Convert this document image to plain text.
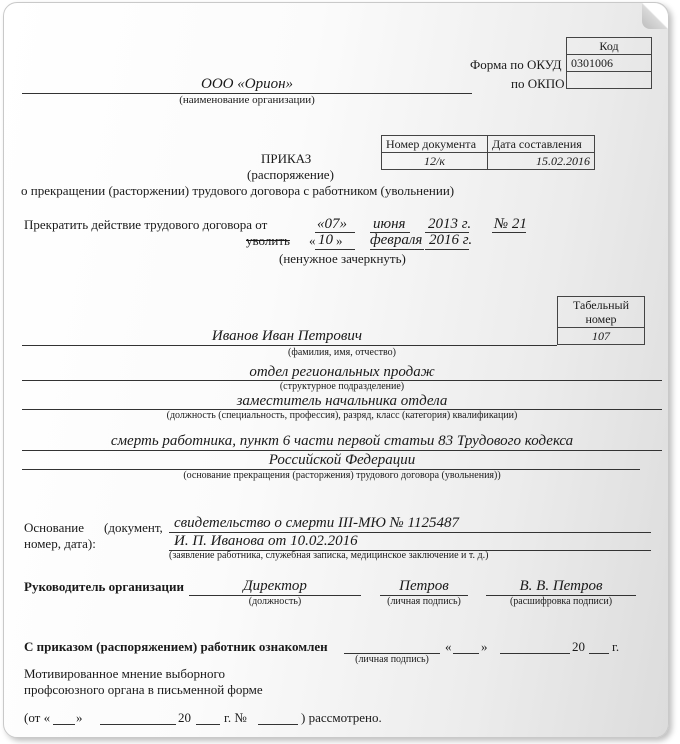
Форма по ОКУД
по ОКПО
Код
0301006

ООО «Орион»
(наименование организации)
Номер документа	Дата составления
12/к	15.02.2016
ПРИКАЗ
(распоряжение)
о прекращении (расторжении) трудового договора с работником (увольнении)
Прекратить действие трудового договора от	«07» июня 2013 г. № 21
уволить « 10 » февраля 2016 г.
(ненужное зачеркнуть)
Табельный номер
107
Иванов Иван Петрович
(фамилия, имя, отчество)
отдел региональных продаж
(структурное подразделение)
заместитель начальника отдела
(должность (специальность, профессия), разряд, класс (категория) квалификации)
смерть работника, пункт 6 части первой статьи 83 Трудового кодекса
Российской Федерации
(основание прекращения (расторжения) трудового договора (увольнения))
Основание (документ,
номер, дата):
свидетельство о смерти III-МЮ № 1125487
И. П. Иванова от 10.02.2016
(заявление работника, служебная записка, медицинское заключение и т. д.)
Руководитель организации	Директор
(должность)
Петров
(личная подпись)
В. В. Петров
(расшифровка подписи)
С приказом (распоряжением) работник ознакомлен
(личная подпись)
« »	20 г.
Мотивированное мнение выборного
профсоюзного органа в письменной форме
(от « »	20	г. №	) рассмотрено.
